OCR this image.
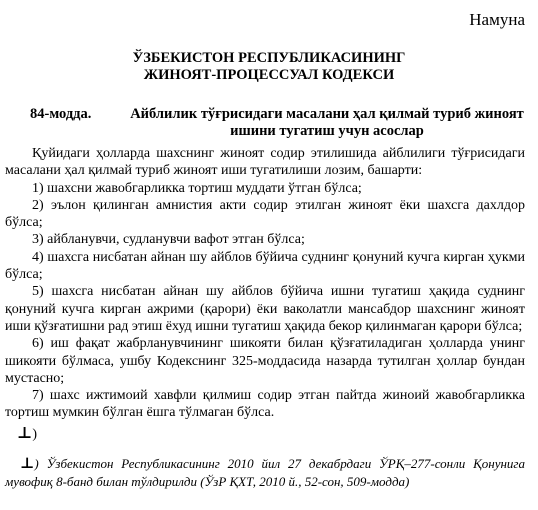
Намуна
ЎЗБЕКИСТОН РЕСПУБЛИКАСИНИНГ
ЖИНОЯТ-ПРОЦЕССУАЛ КОДЕКСИ
84-модда.	Айблилик тўғрисидаги масалани ҳал қилмай туриб жиноят
ишини тугатиш учун асослар

Қуйидаги ҳолларда шахснинг жиноят содир этилишида айблилиги тўғрисидаги масалани ҳал қилмай туриб жиноят иши тугатилиши лозим, башарти:

1) шахсни жавобгарликка тортиш муддати ўтган бўлса;

2) эълон қилинган амнистия акти содир этилган жиноят ёки шахсга дахлдор бўлса;

3) айбланувчи, судланувчи вафот этган бўлса;

4) шахсга нисбатан айнан шу айблов бўйича суднинг қонуний кучга кирган ҳукми бўлса;

5) шахсга нисбатан айнан шу айблов бўйича ишни тугатиш ҳақида суднинг қонуний кучга кирган ажрими (қарори) ёки ваколатли мансабдор шахснинг жиноят иши қўзғатишни рад этиш ёхуд ишни тугатиш ҳақида бекор қилинмаган қарори бўлса;

6) иш фақат жабрланувчининг шикояти билан қўзғатиладиган ҳолларда унинг шикояти бўлмаса, ушбу Кодекснинг 325-моддасида назарда тутилган ҳоллар бундан мустасно;

7) шахс ижтимоий хавфли қилмиш содир этган пайтда жиноий жавобгарликка тортиш мумкин бўлган ёшга тўлмаган бўлса.

⊥)
⊥) Ўзбекистон Республикасининг 2010 йил 27 декабрдаги ЎРҚ–277-сонли Қонунига мувофиқ 8-банд билан тўлдирилди (ЎзР ҚХТ, 2010 й., 52-сон, 509-модда)
